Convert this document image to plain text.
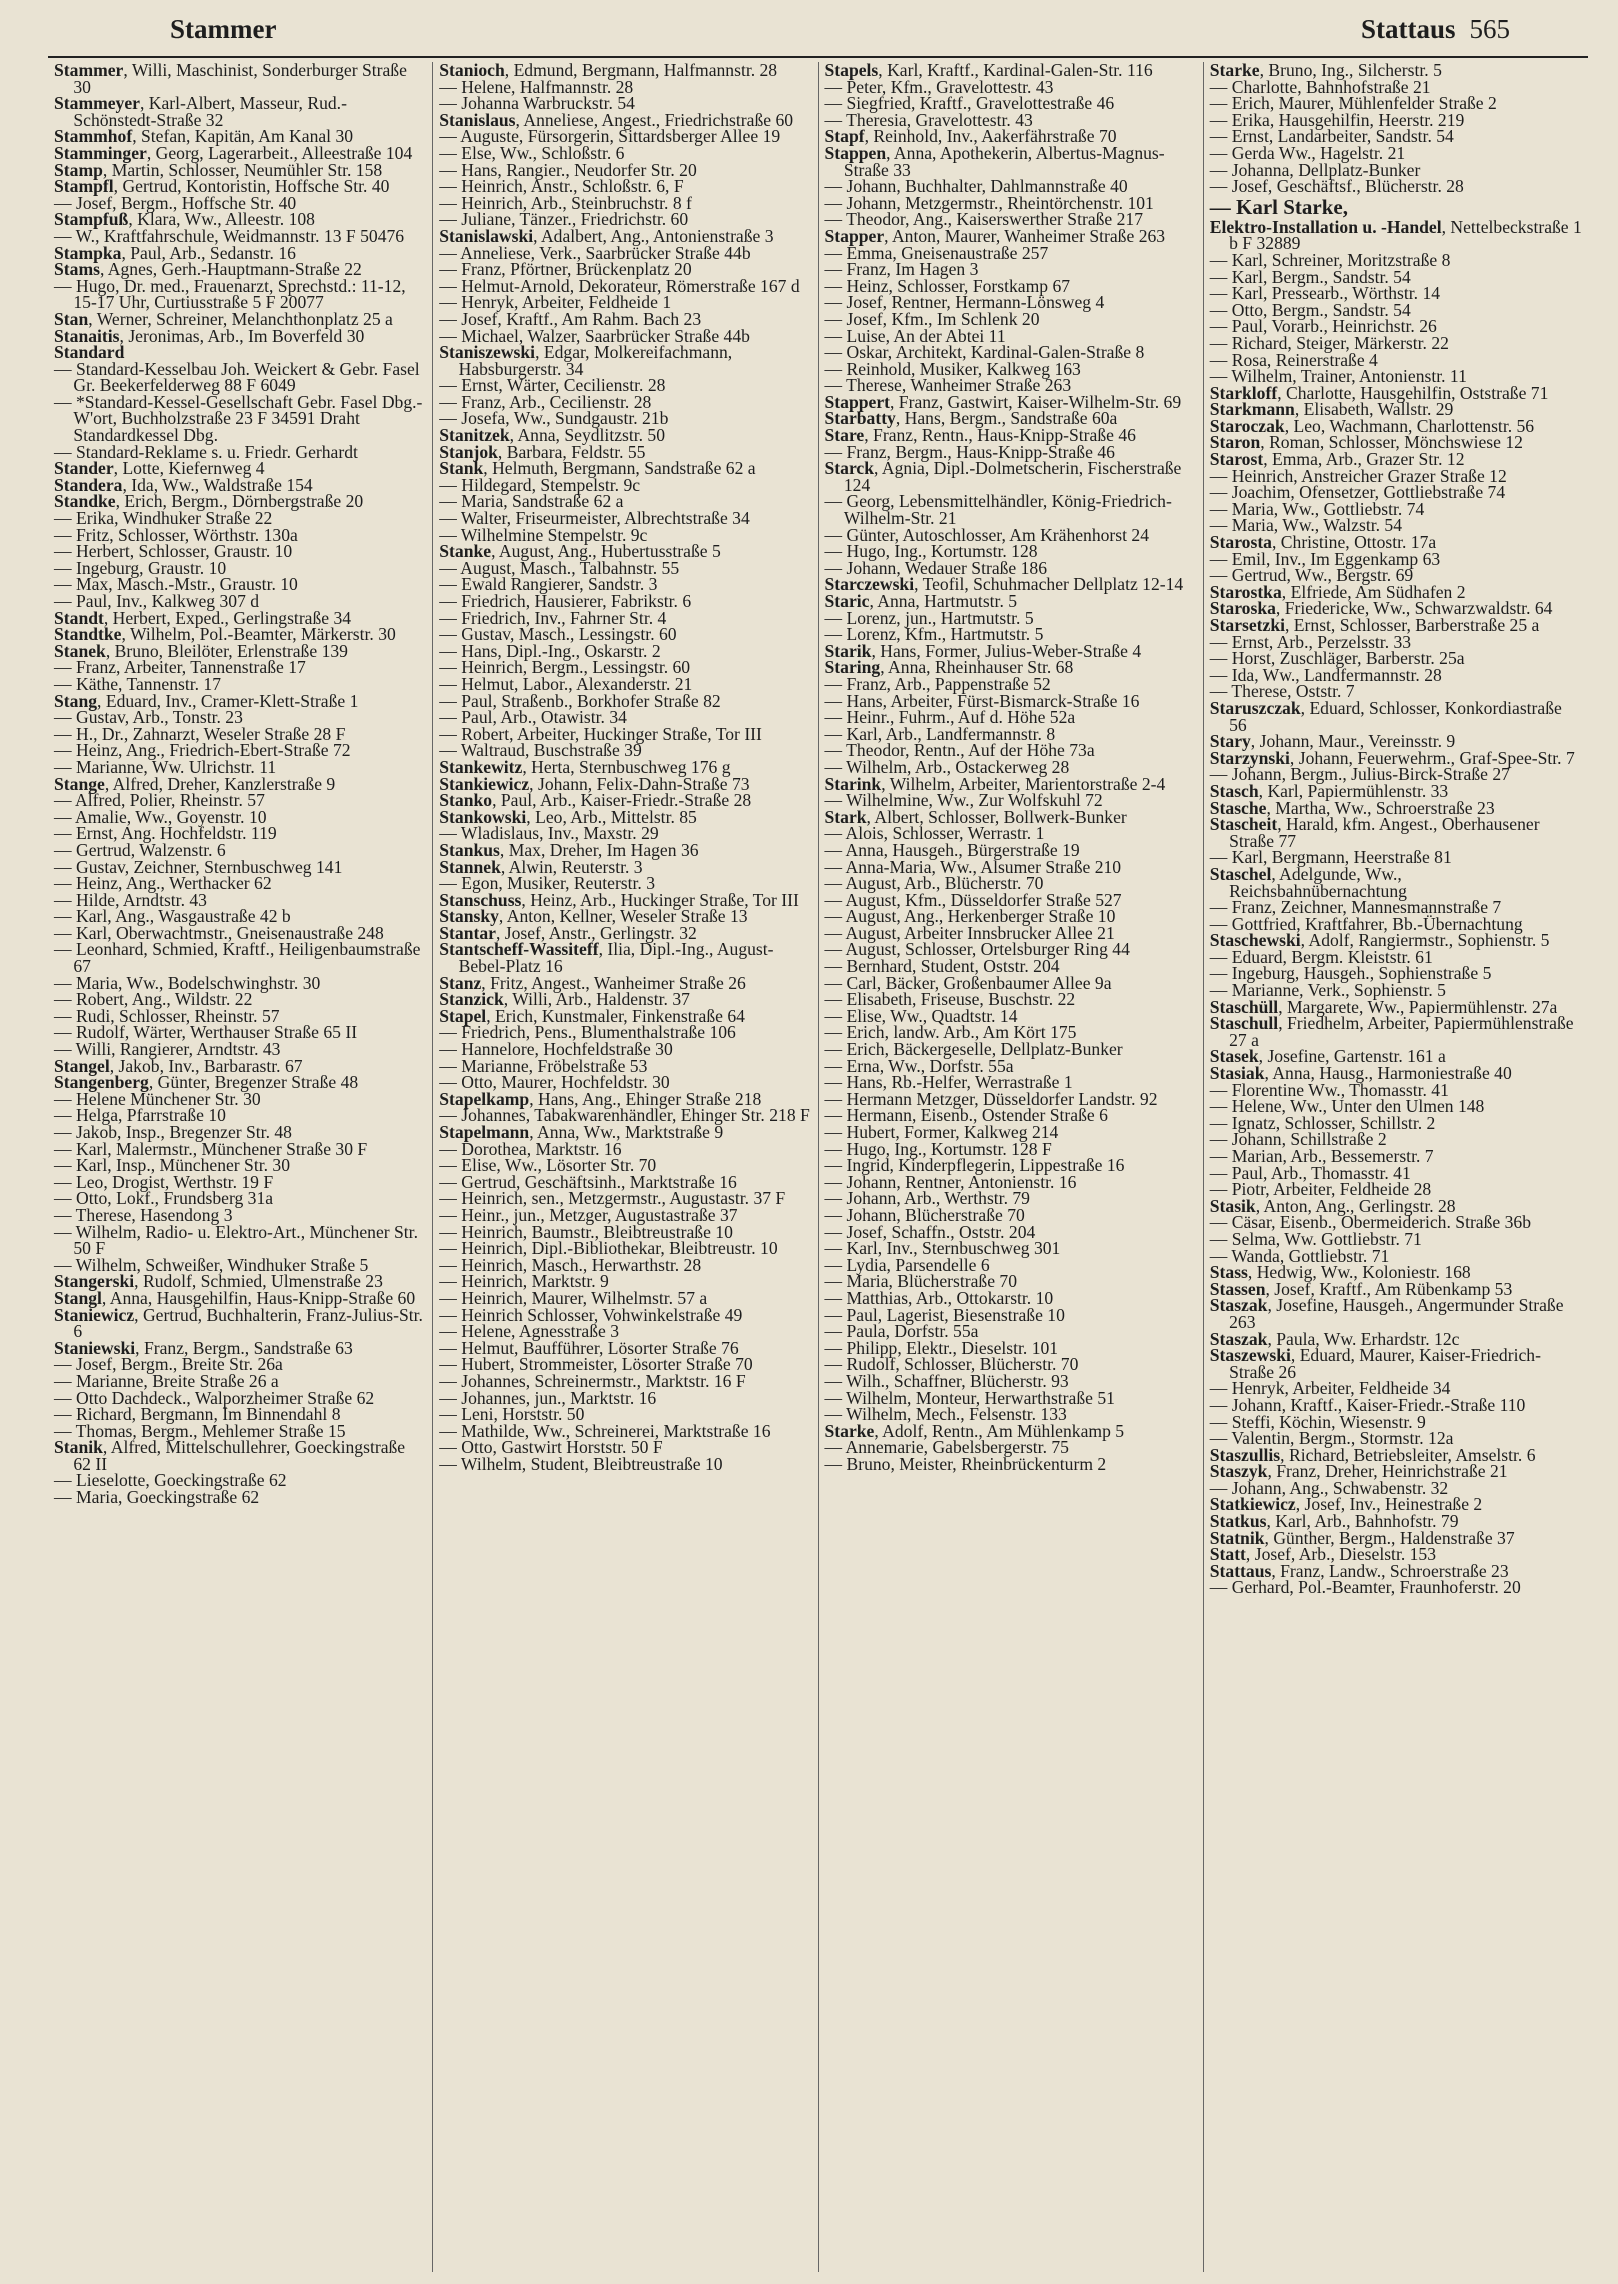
Stammer	Stattaus 565

Stammer, Willi, Maschinist, Sonderburger Straße 30

Stammeyer, Karl-Albert, Masseur, Rud.-Schönstedt-Straße 32

Stammhof, Stefan, Kapitän, Am Kanal 30

Stamminger, Georg, Lagerarbeit., Alleestraße 104

Stamp, Martin, Schlosser, Neumühler Str. 158

Stampfl, Gertrud, Kontoristin, Hoffsche Str. 40

— Josef, Bergm., Hoffsche Str. 40

Stampfuß, Klara, Ww., Alleestr. 108

— W., Kraftfahrschule, Weidmannstr. 13 F 50476

Stampka, Paul, Arb., Sedanstr. 16

Stams, Agnes, Gerh.-Hauptmann-Straße 22

— Hugo, Dr. med., Frauenarzt, Sprechstd.: 11-12, 15-17 Uhr, Curtiusstraße 5 F 20077

Stan, Werner, Schreiner, Melanchthonplatz 25 a

Stanaitis, Jeronimas, Arb., Im Boverfeld 30

Standard

— Standard-Kesselbau Joh. Weickert & Gebr. Fasel Gr. Beekerfelderweg 88 F 6049

— *Standard-Kessel-Gesellschaft Gebr. Fasel Dbg.-W'ort, Buchholzstraße 23 F 34591 Draht Standardkessel Dbg.

— Standard-Reklame s. u. Friedr. Gerhardt

Stander, Lotte, Kiefernweg 4

Standera, Ida, Ww., Waldstraße 154

Standke, Erich, Bergm., Dörnbergstraße 20

— Erika, Windhuker Straße 22

— Fritz, Schlosser, Wörthstr. 130a

— Herbert, Schlosser, Graustr. 10

— Ingeburg, Graustr. 10

— Max, Masch.-Mstr., Graustr. 10

— Paul, Inv., Kalkweg 307 d

Standt, Herbert, Exped., Gerlingstraße 34

Standtke, Wilhelm, Pol.-Beamter, Märkerstr. 30

Stanek, Bruno, Bleilöter, Erlenstraße 139

— Franz, Arbeiter, Tannenstraße 17

— Käthe, Tannenstr. 17

Stang, Eduard, Inv., Cramer-Klett-Straße 1

— Gustav, Arb., Tonstr. 23

— H., Dr., Zahnarzt, Weseler Straße 28 F

— Heinz, Ang., Friedrich-Ebert-Straße 72

— Marianne, Ww. Ulrichstr. 11

Stange, Alfred, Dreher, Kanzlerstraße 9

— Alfred, Polier, Rheinstr. 57

— Amalie, Ww., Goyenstr. 10

— Ernst, Ang. Hochfeldstr. 119

— Gertrud, Walzenstr. 6

— Gustav, Zeichner, Sternbuschweg 141

— Heinz, Ang., Werthacker 62

— Hilde, Arndtstr. 43

— Karl, Ang., Wasgaustraße 42 b

— Karl, Oberwachtmstr., Gneisenaustraße 248

— Leonhard, Schmied, Kraftf., Heiligenbaumstraße 67

— Maria, Ww., Bodelschwinghstr. 30

— Robert, Ang., Wildstr. 22

— Rudi, Schlosser, Rheinstr. 57

— Rudolf, Wärter, Werthauser Straße 65 II

— Willi, Rangierer, Arndtstr. 43

Stangel, Jakob, Inv., Barbarastr. 67

Stangenberg, Günter, Bregenzer Straße 48

— Helene Münchener Str. 30

— Helga, Pfarrstraße 10

— Jakob, Insp., Bregenzer Str. 48

— Karl, Malermstr., Münchener Straße 30 F

— Karl, Insp., Münchener Str. 30

— Leo, Drogist, Werthstr. 19 F

— Otto, Lokf., Frundsberg 31a

— Therese, Hasendong 3

— Wilhelm, Radio- u. Elektro-Art., Münchener Str. 50 F

— Wilhelm, Schweißer, Windhuker Straße 5

Stangerski, Rudolf, Schmied, Ulmenstraße 23

Stangl, Anna, Hausgehilfin, Haus-Knipp-Straße 60

Staniewicz, Gertrud, Buchhalterin, Franz-Julius-Str. 6

Staniewski, Franz, Bergm., Sandstraße 63

— Josef, Bergm., Breite Str. 26a

— Marianne, Breite Straße 26 a

— Otto Dachdeck., Walporzheimer Straße 62

— Richard, Bergmann, Im Binnendahl 8

— Thomas, Bergm., Mehlemer Straße 15

Stanik, Alfred, Mittelschullehrer, Goeckingstraße 62 II

— Lieselotte, Goeckingstraße 62

— Maria, Goeckingstraße 62

Stanioch, Edmund, Bergmann, Halfmannstr. 28

— Helene, Halfmannstr. 28

— Johanna Warbruckstr. 54

Stanislaus, Anneliese, Angest., Friedrichstraße 60

— Auguste, Fürsorgerin, Sittardsberger Allee 19

— Else, Ww., Schloßstr. 6

— Hans, Rangier., Neudorfer Str. 20

— Heinrich, Anstr., Schloßstr. 6, F

— Heinrich, Arb., Steinbruchstr. 8 f

— Juliane, Tänzer., Friedrichstr. 60

Stanislawski, Adalbert, Ang., Antonienstraße 3

— Anneliese, Verk., Saarbrücker Straße 44b

— Franz, Pförtner, Brückenplatz 20

— Helmut-Arnold, Dekorateur, Römerstraße 167 d

— Henryk, Arbeiter, Feldheide 1

— Josef, Kraftf., Am Rahm. Bach 23

— Michael, Walzer, Saarbrücker Straße 44b

Staniszewski, Edgar, Molkereifachmann, Habsburgerstr. 34

— Ernst, Wärter, Cecilienstr. 28

— Franz, Arb., Cecilienstr. 28

— Josefa, Ww., Sundgaustr. 21b

Stanitzek, Anna, Seydlitzstr. 50

Stanjok, Barbara, Feldstr. 55

Stank, Helmuth, Bergmann, Sandstraße 62 a

— Hildegard, Stempelstr. 9c

— Maria, Sandstraße 62 a

— Walter, Friseurmeister, Albrechtstraße 34

— Wilhelmine Stempelstr. 9c

Stanke, August, Ang., Hubertusstraße 5

— August, Masch., Talbahnstr. 55

— Ewald Rangierer, Sandstr. 3

— Friedrich, Hausierer, Fabrikstr. 6

— Friedrich, Inv., Fahrner Str. 4

— Gustav, Masch., Lessingstr. 60

— Hans, Dipl.-Ing., Oskarstr. 2

— Heinrich, Bergm., Lessingstr. 60

— Helmut, Labor., Alexanderstr. 21

— Paul, Straßenb., Borkhofer Straße 82

— Paul, Arb., Otawistr. 34

— Robert, Arbeiter, Huckinger Straße, Tor III

— Waltraud, Buschstraße 39

Stankewitz, Herta, Sternbuschweg 176 g

Stankiewicz, Johann, Felix-Dahn-Straße 73

Stanko, Paul, Arb., Kaiser-Friedr.-Straße 28

Stankowski, Leo, Arb., Mittelstr. 85

— Wladislaus, Inv., Maxstr. 29

Stankus, Max, Dreher, Im Hagen 36

Stannek, Alwin, Reuterstr. 3

— Egon, Musiker, Reuterstr. 3

Stanschuss, Heinz, Arb., Huckinger Straße, Tor III

Stansky, Anton, Kellner, Weseler Straße 13

Stantar, Josef, Anstr., Gerlingstr. 32

Stantscheff-Wassiteff, Ilia, Dipl.-Ing., August-Bebel-Platz 16

Stanz, Fritz, Angest., Wanheimer Straße 26

Stanzick, Willi, Arb., Haldenstr. 37

Stapel, Erich, Kunstmaler, Finkenstraße 64

— Friedrich, Pens., Blumenthalstraße 106

— Hannelore, Hochfeldstraße 30

— Marianne, Fröbelstraße 53

— Otto, Maurer, Hochfeldstr. 30

Stapelkamp, Hans, Ang., Ehinger Straße 218

— Johannes, Tabakwarenhändler, Ehinger Str. 218 F

Stapelmann, Anna, Ww., Marktstraße 9

— Dorothea, Marktstr. 16

— Elise, Ww., Lösorter Str. 70

— Gertrud, Geschäftsinh., Marktstraße 16

— Heinrich, sen., Metzgermstr., Augustastr. 37 F

— Heinr., jun., Metzger, Augustastraße 37

— Heinrich, Baumstr., Bleibtreustraße 10

— Heinrich, Dipl.-Bibliothekar, Bleibtreustr. 10

— Heinrich, Masch., Herwarthstr. 28

— Heinrich, Marktstr. 9

— Heinrich, Maurer, Wilhelmstr. 57 a

— Heinrich Schlosser, Vohwinkelstraße 49

— Helene, Agnesstraße 3

— Helmut, Baufführer, Lösorter Straße 76

— Hubert, Strommeister, Lösorter Straße 70

— Johannes, Schreinermstr., Marktstr. 16 F

— Johannes, jun., Marktstr. 16

— Leni, Horststr. 50

— Mathilde, Ww., Schreinerei, Marktstraße 16

— Otto, Gastwirt Horststr. 50 F

— Wilhelm, Student, Bleibtreustraße 10

Stapels, Karl, Kraftf., Kardinal-Galen-Str. 116

— Peter, Kfm., Gravelottestr. 43

— Siegfried, Kraftf., Gravelottestraße 46

— Theresia, Gravelottestr. 43

Stapf, Reinhold, Inv., Aakerfährstraße 70

Stappen, Anna, Apothekerin, Albertus-Magnus-Straße 33

— Johann, Buchhalter, Dahlmannstraße 40

— Johann, Metzgermstr., Rheintörchenstr. 101

— Theodor, Ang., Kaiserswerther Straße 217

Stapper, Anton, Maurer, Wanheimer Straße 263

— Emma, Gneisenaustraße 257

— Franz, Im Hagen 3

— Heinz, Schlosser, Forstkamp 67

— Josef, Rentner, Hermann-Lönsweg 4

— Josef, Kfm., Im Schlenk 20

— Luise, An der Abtei 11

— Oskar, Architekt, Kardinal-Galen-Straße 8

— Reinhold, Musiker, Kalkweg 163

— Therese, Wanheimer Straße 263

Stappert, Franz, Gastwirt, Kaiser-Wilhelm-Str. 69

Starbatty, Hans, Bergm., Sandstraße 60a

Stare, Franz, Rentn., Haus-Knipp-Straße 46

— Franz, Bergm., Haus-Knipp-Straße 46

Starck, Agnia, Dipl.-Dolmetscherin, Fischerstraße 124

— Georg, Lebensmittelhändler, König-Friedrich-Wilhelm-Str. 21

— Günter, Autoschlosser, Am Krähenhorst 24

— Hugo, Ing., Kortumstr. 128

— Johann, Wedauer Straße 186

Starczewski, Teofil, Schuhmacher Dellplatz 12-14

Staric, Anna, Hartmutstr. 5

— Lorenz, jun., Hartmutstr. 5

— Lorenz, Kfm., Hartmutstr. 5

Starik, Hans, Former, Julius-Weber-Straße 4

Staring, Anna, Rheinhauser Str. 68

— Franz, Arb., Pappenstraße 52

— Hans, Arbeiter, Fürst-Bismarck-Straße 16

— Heinr., Fuhrm., Auf d. Höhe 52a

— Karl, Arb., Landfermannstr. 8

— Theodor, Rentn., Auf der Höhe 73a

— Wilhelm, Arb., Ostackerweg 28

Starink, Wilhelm, Arbeiter, Marientorstraße 2-4

— Wilhelmine, Ww., Zur Wolfskuhl 72

Stark, Albert, Schlosser, Bollwerk-Bunker

— Alois, Schlosser, Werrastr. 1

— Anna, Hausgeh., Bürgerstraße 19

— Anna-Maria, Ww., Alsumer Straße 210

— August, Arb., Blücherstr. 70

— August, Kfm., Düsseldorfer Straße 527

— August, Ang., Herkenberger Straße 10

— August, Arbeiter Innsbrucker Allee 21

— August, Schlosser, Ortelsburger Ring 44

— Bernhard, Student, Oststr. 204

— Carl, Bäcker, Großenbaumer Allee 9a

— Elisabeth, Friseuse, Buschstr. 22

— Elise, Ww., Quadtstr. 14

— Erich, landw. Arb., Am Kört 175

— Erich, Bäckergeselle, Dellplatz-Bunker

— Erna, Ww., Dorfstr. 55a

— Hans, Rb.-Helfer, Werrastraße 1

— Hermann Metzger, Düsseldorfer Landstr. 92

— Hermann, Eisenb., Ostender Straße 6

— Hubert, Former, Kalkweg 214

— Hugo, Ing., Kortumstr. 128 F

— Ingrid, Kinderpflegerin, Lippestraße 16

— Johann, Rentner, Antonienstr. 16

— Johann, Arb., Werthstr. 79

— Johann, Blücherstraße 70

— Josef, Schaffn., Oststr. 204

— Karl, Inv., Sternbuschweg 301

— Lydia, Parsendelle 6

— Maria, Blücherstraße 70

— Matthias, Arb., Ottokarstr. 10

— Paul, Lagerist, Biesenstraße 10

— Paula, Dorfstr. 55a

— Philipp, Elektr., Dieselstr. 101

— Rudolf, Schlosser, Blücherstr. 70

— Wilh., Schaffner, Blücherstr. 93

— Wilhelm, Monteur, Herwarthstraße 51

— Wilhelm, Mech., Felsenstr. 133

Starke, Adolf, Rentn., Am Mühlenkamp 5

— Annemarie, Gabelsbergerstr. 75

— Bruno, Meister, Rheinbrückenturm 2

Starke, Bruno, Ing., Silcherstr. 5

— Charlotte, Bahnhofstraße 21

— Erich, Maurer, Mühlenfelder Straße 2

— Erika, Hausgehilfin, Heerstr. 219

— Ernst, Landarbeiter, Sandstr. 54

— Gerda Ww., Hagelstr. 21

— Johanna, Dellplatz-Bunker

— Josef, Geschäftsf., Blücherstr. 28

— Karl Starke,

Elektro-Installation u. -Handel, Nettelbeckstraße 1 b F 32889

— Karl, Schreiner, Moritzstraße 8

— Karl, Bergm., Sandstr. 54

— Karl, Pressearb., Wörthstr. 14

— Otto, Bergm., Sandstr. 54

— Paul, Vorarb., Heinrichstr. 26

— Richard, Steiger, Märkerstr. 22

— Rosa, Reinerstraße 4

— Wilhelm, Trainer, Antonienstr. 11

Starkloff, Charlotte, Hausgehilfin, Oststraße 71

Starkmann, Elisabeth, Wallstr. 29

Staroczak, Leo, Wachmann, Charlottenstr. 56

Staron, Roman, Schlosser, Mönchswiese 12

Starost, Emma, Arb., Grazer Str. 12

— Heinrich, Anstreicher Grazer Straße 12

— Joachim, Ofensetzer, Gottliebstraße 74

— Maria, Ww., Gottliebstr. 74

— Maria, Ww., Walzstr. 54

Starosta, Christine, Ottostr. 17a

— Emil, Inv., Im Eggenkamp 63

— Gertrud, Ww., Bergstr. 69

Starostka, Elfriede, Am Südhafen 2

Staroska, Friedericke, Ww., Schwarzwaldstr. 64

Starsetzki, Ernst, Schlosser, Barberstraße 25 a

— Ernst, Arb., Perzelsstr. 33

— Horst, Zuschläger, Barberstr. 25a

— Ida, Ww., Landfermannstr. 28

— Therese, Oststr. 7

Staruszczak, Eduard, Schlosser, Konkordiastraße 56

Stary, Johann, Maur., Vereinsstr. 9

Starzynski, Johann, Feuerwehrm., Graf-Spee-Str. 7

— Johann, Bergm., Julius-Birck-Straße 27

Stasch, Karl, Papiermühlenstr. 33

Stasche, Martha, Ww., Schroerstraße 23

Stascheit, Harald, kfm. Angest., Oberhausener Straße 77

— Karl, Bergmann, Heerstraße 81

Staschel, Adelgunde, Ww., Reichsbahnübernachtung

— Franz, Zeichner, Mannesmannstraße 7

— Gottfried, Kraftfahrer, Bb.-Übernachtung

Staschewski, Adolf, Rangiermstr., Sophienstr. 5

— Eduard, Bergm. Kleiststr. 61

— Ingeburg, Hausgeh., Sophienstraße 5

— Marianne, Verk., Sophienstr. 5

Staschüll, Margarete, Ww., Papiermühlenstr. 27a

Staschull, Friedhelm, Arbeiter, Papiermühlenstraße 27 a

Stasek, Josefine, Gartenstr. 161 a

Stasiak, Anna, Hausg., Harmoniestraße 40

— Florentine Ww., Thomasstr. 41

— Helene, Ww., Unter den Ulmen 148

— Ignatz, Schlosser, Schillstr. 2

— Johann, Schillstraße 2

— Marian, Arb., Bessemerstr. 7

— Paul, Arb., Thomasstr. 41

— Piotr, Arbeiter, Feldheide 28

Stasik, Anton, Ang., Gerlingstr. 28

— Cäsar, Eisenb., Obermeiderich. Straße 36b

— Selma, Ww. Gottliebstr. 71

— Wanda, Gottliebstr. 71

Stass, Hedwig, Ww., Koloniestr. 168

Stassen, Josef, Kraftf., Am Rübenkamp 53

Staszak, Josefine, Hausgeh., Angermunder Straße 263

Staszak, Paula, Ww. Erhardstr. 12c

Staszewski, Eduard, Maurer, Kaiser-Friedrich-Straße 26

— Henryk, Arbeiter, Feldheide 34

— Johann, Kraftf., Kaiser-Friedr.-Straße 110

— Steffi, Köchin, Wiesenstr. 9

— Valentin, Bergm., Stormstr. 12a

Staszullis, Richard, Betriebsleiter, Amselstr. 6

Staszyk, Franz, Dreher, Heinrichstraße 21

— Johann, Ang., Schwabenstr. 32

Statkiewicz, Josef, Inv., Heinestraße 2

Statkus, Karl, Arb., Bahnhofstr. 79

Statnik, Günther, Bergm., Haldenstraße 37

Statt, Josef, Arb., Dieselstr. 153

Stattaus, Franz, Landw., Schroerstraße 23

— Gerhard, Pol.-Beamter, Fraunhoferstr. 20
